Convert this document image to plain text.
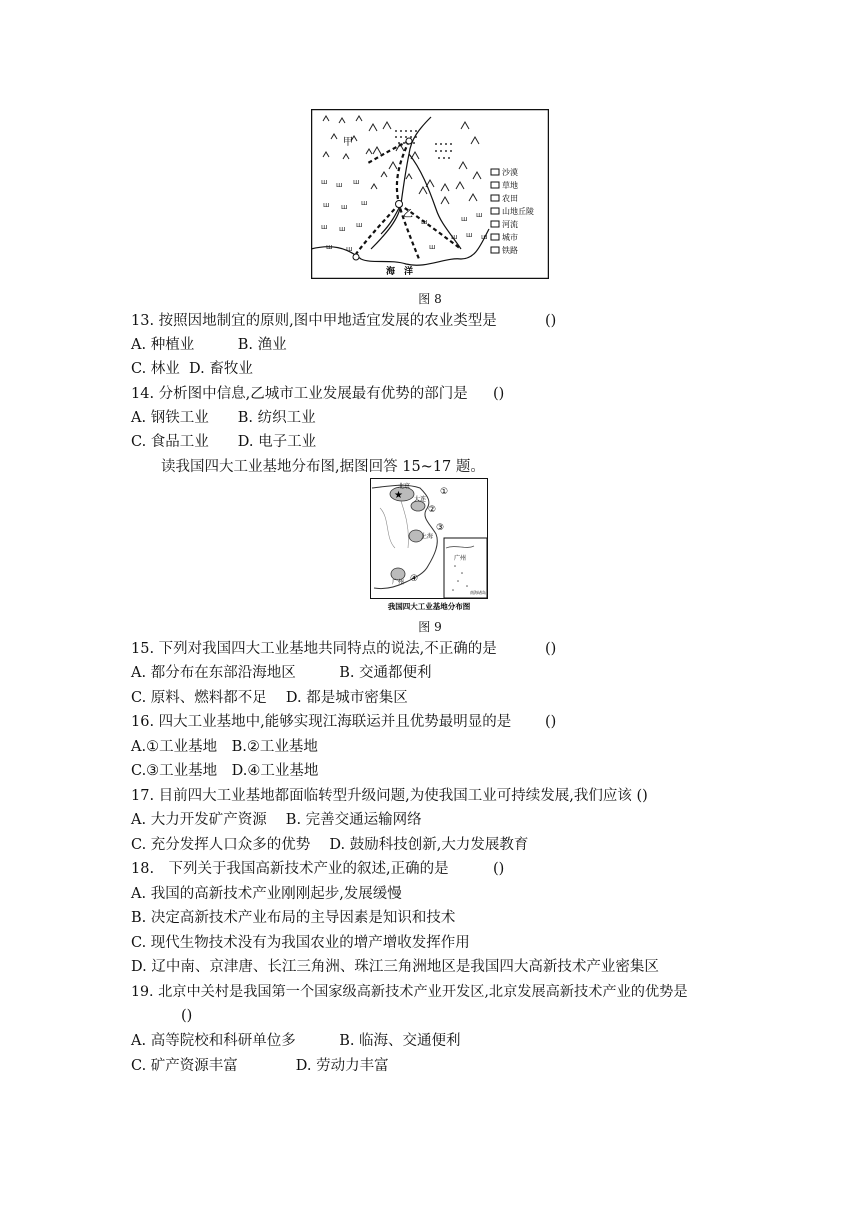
ш ш ш
ш ш ш
ш ш ш
ш ш
ш ш ш
ш ш
ш
ш
甲
乙
海　洋
沙漠
草地
农田
山地丘陵
河流
城市
铁路
图 8
13. 按照因地制宜的原则,图中甲地适宜发展的农业类型是	()
A. 种植业　　　B. 渔业
C. 林业  D. 畜牧业
14. 分析图中信息,乙城市工业发展最有优势的部门是 ()
A. 钢铁工业　　B. 纺织工业
C. 食品工业　　D. 电子工业
读我国四大工业基地分布图,据图回答 15~17 题。
★
北京
大连
上海
广州
①
②
③
④
广州
南海诸岛
我国四大工业基地分布图
图 9
15. 下列对我国四大工业基地共同特点的说法,不正确的是	()
A. 都分布在东部沿海地区　　　B. 交通都便利
C. 原料、燃料都不足　 D. 都是城市密集区
16. 四大工业基地中,能够实现江海联运并且优势最明显的是 ()
A.①工业基地　B.②工业基地
C.③工业基地　D.④工业基地
17. 目前四大工业基地都面临转型升级问题,为使我国工业可持续发展,我们应该 ()
A. 大力开发矿产资源　 B. 完善交通运输网络
C. 充分发挥人口众多的优势　 D. 鼓励科技创新,大力发展教育
18.　下列关于我国高新技术产业的叙述,正确的是	()
A. 我国的高新技术产业刚刚起步,发展缓慢
B. 决定高新技术产业布局的主导因素是知识和技术
C. 现代生物技术没有为我国农业的增产增收发挥作用
D. 辽中南、京津唐、长江三角洲、珠江三角洲地区是我国四大高新技术产业密集区
19. 北京中关村是我国第一个国家级高新技术产业开发区,北京发展高新技术产业的优势是
()
A. 高等院校和科研单位多　　　B. 临海、交通便利
C. 矿产资源丰富　　　　D. 劳动力丰富
